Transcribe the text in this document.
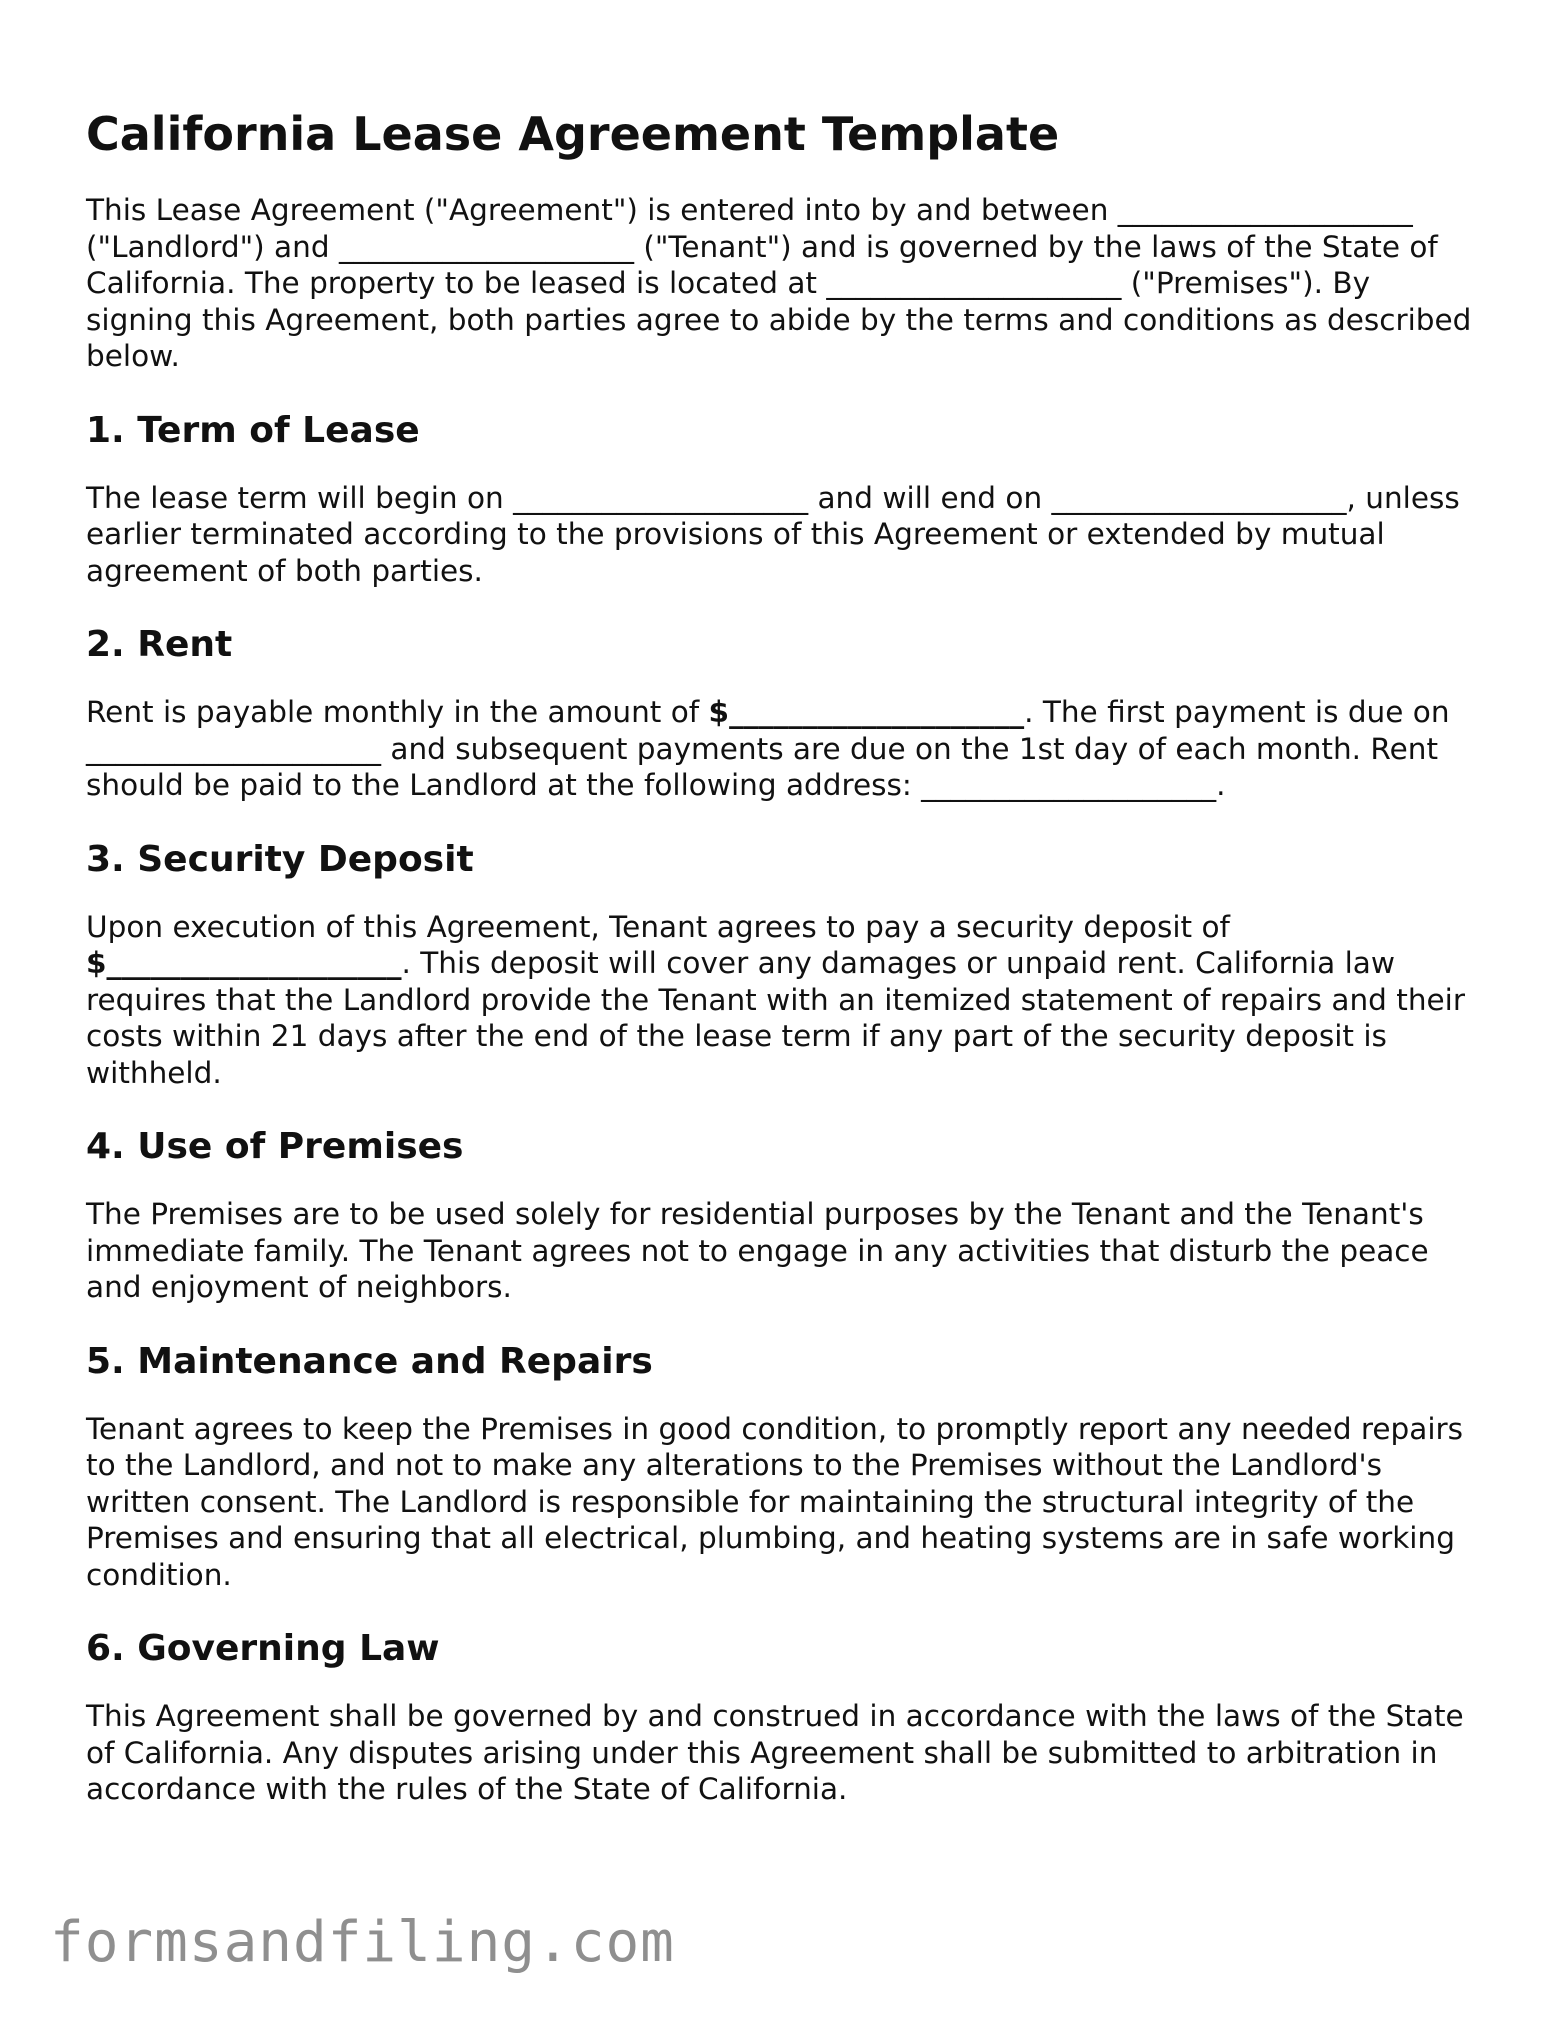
California Lease Agreement Template

This Lease Agreement ("Agreement") is entered into by and between ____________________ ("Landlord") and ____________________ ("Tenant") and is governed by the laws of the State of California. The property to be leased is located at ____________________ ("Premises"). By signing this Agreement, both parties agree to abide by the terms and conditions as described below.

1. Term of Lease

The lease term will begin on ____________________ and will end on ____________________, unless earlier terminated according to the provisions of this Agreement or extended by mutual agreement of both parties.

2. Rent

Rent is payable monthly in the amount of $____________________. The first payment is due on ____________________ and subsequent payments are due on the 1st day of each month. Rent should be paid to the Landlord at the following address: ____________________.

3. Security Deposit

Upon execution of this Agreement, Tenant agrees to pay a security deposit of $____________________. This deposit will cover any damages or unpaid rent. California law requires that the Landlord provide the Tenant with an itemized statement of repairs and their costs within 21 days after the end of the lease term if any part of the security deposit is withheld.

4. Use of Premises

The Premises are to be used solely for residential purposes by the Tenant and the Tenant's immediate family. The Tenant agrees not to engage in any activities that disturb the peace and enjoyment of neighbors.

5. Maintenance and Repairs

Tenant agrees to keep the Premises in good condition, to promptly report any needed repairs to the Landlord, and not to make any alterations to the Premises without the Landlord's written consent. The Landlord is responsible for maintaining the structural integrity of the Premises and ensuring that all electrical, plumbing, and heating systems are in safe working condition.

6. Governing Law

This Agreement shall be governed by and construed in accordance with the laws of the State of California. Any disputes arising under this Agreement shall be submitted to arbitration in accordance with the rules of the State of California.

formsandfiling.com
